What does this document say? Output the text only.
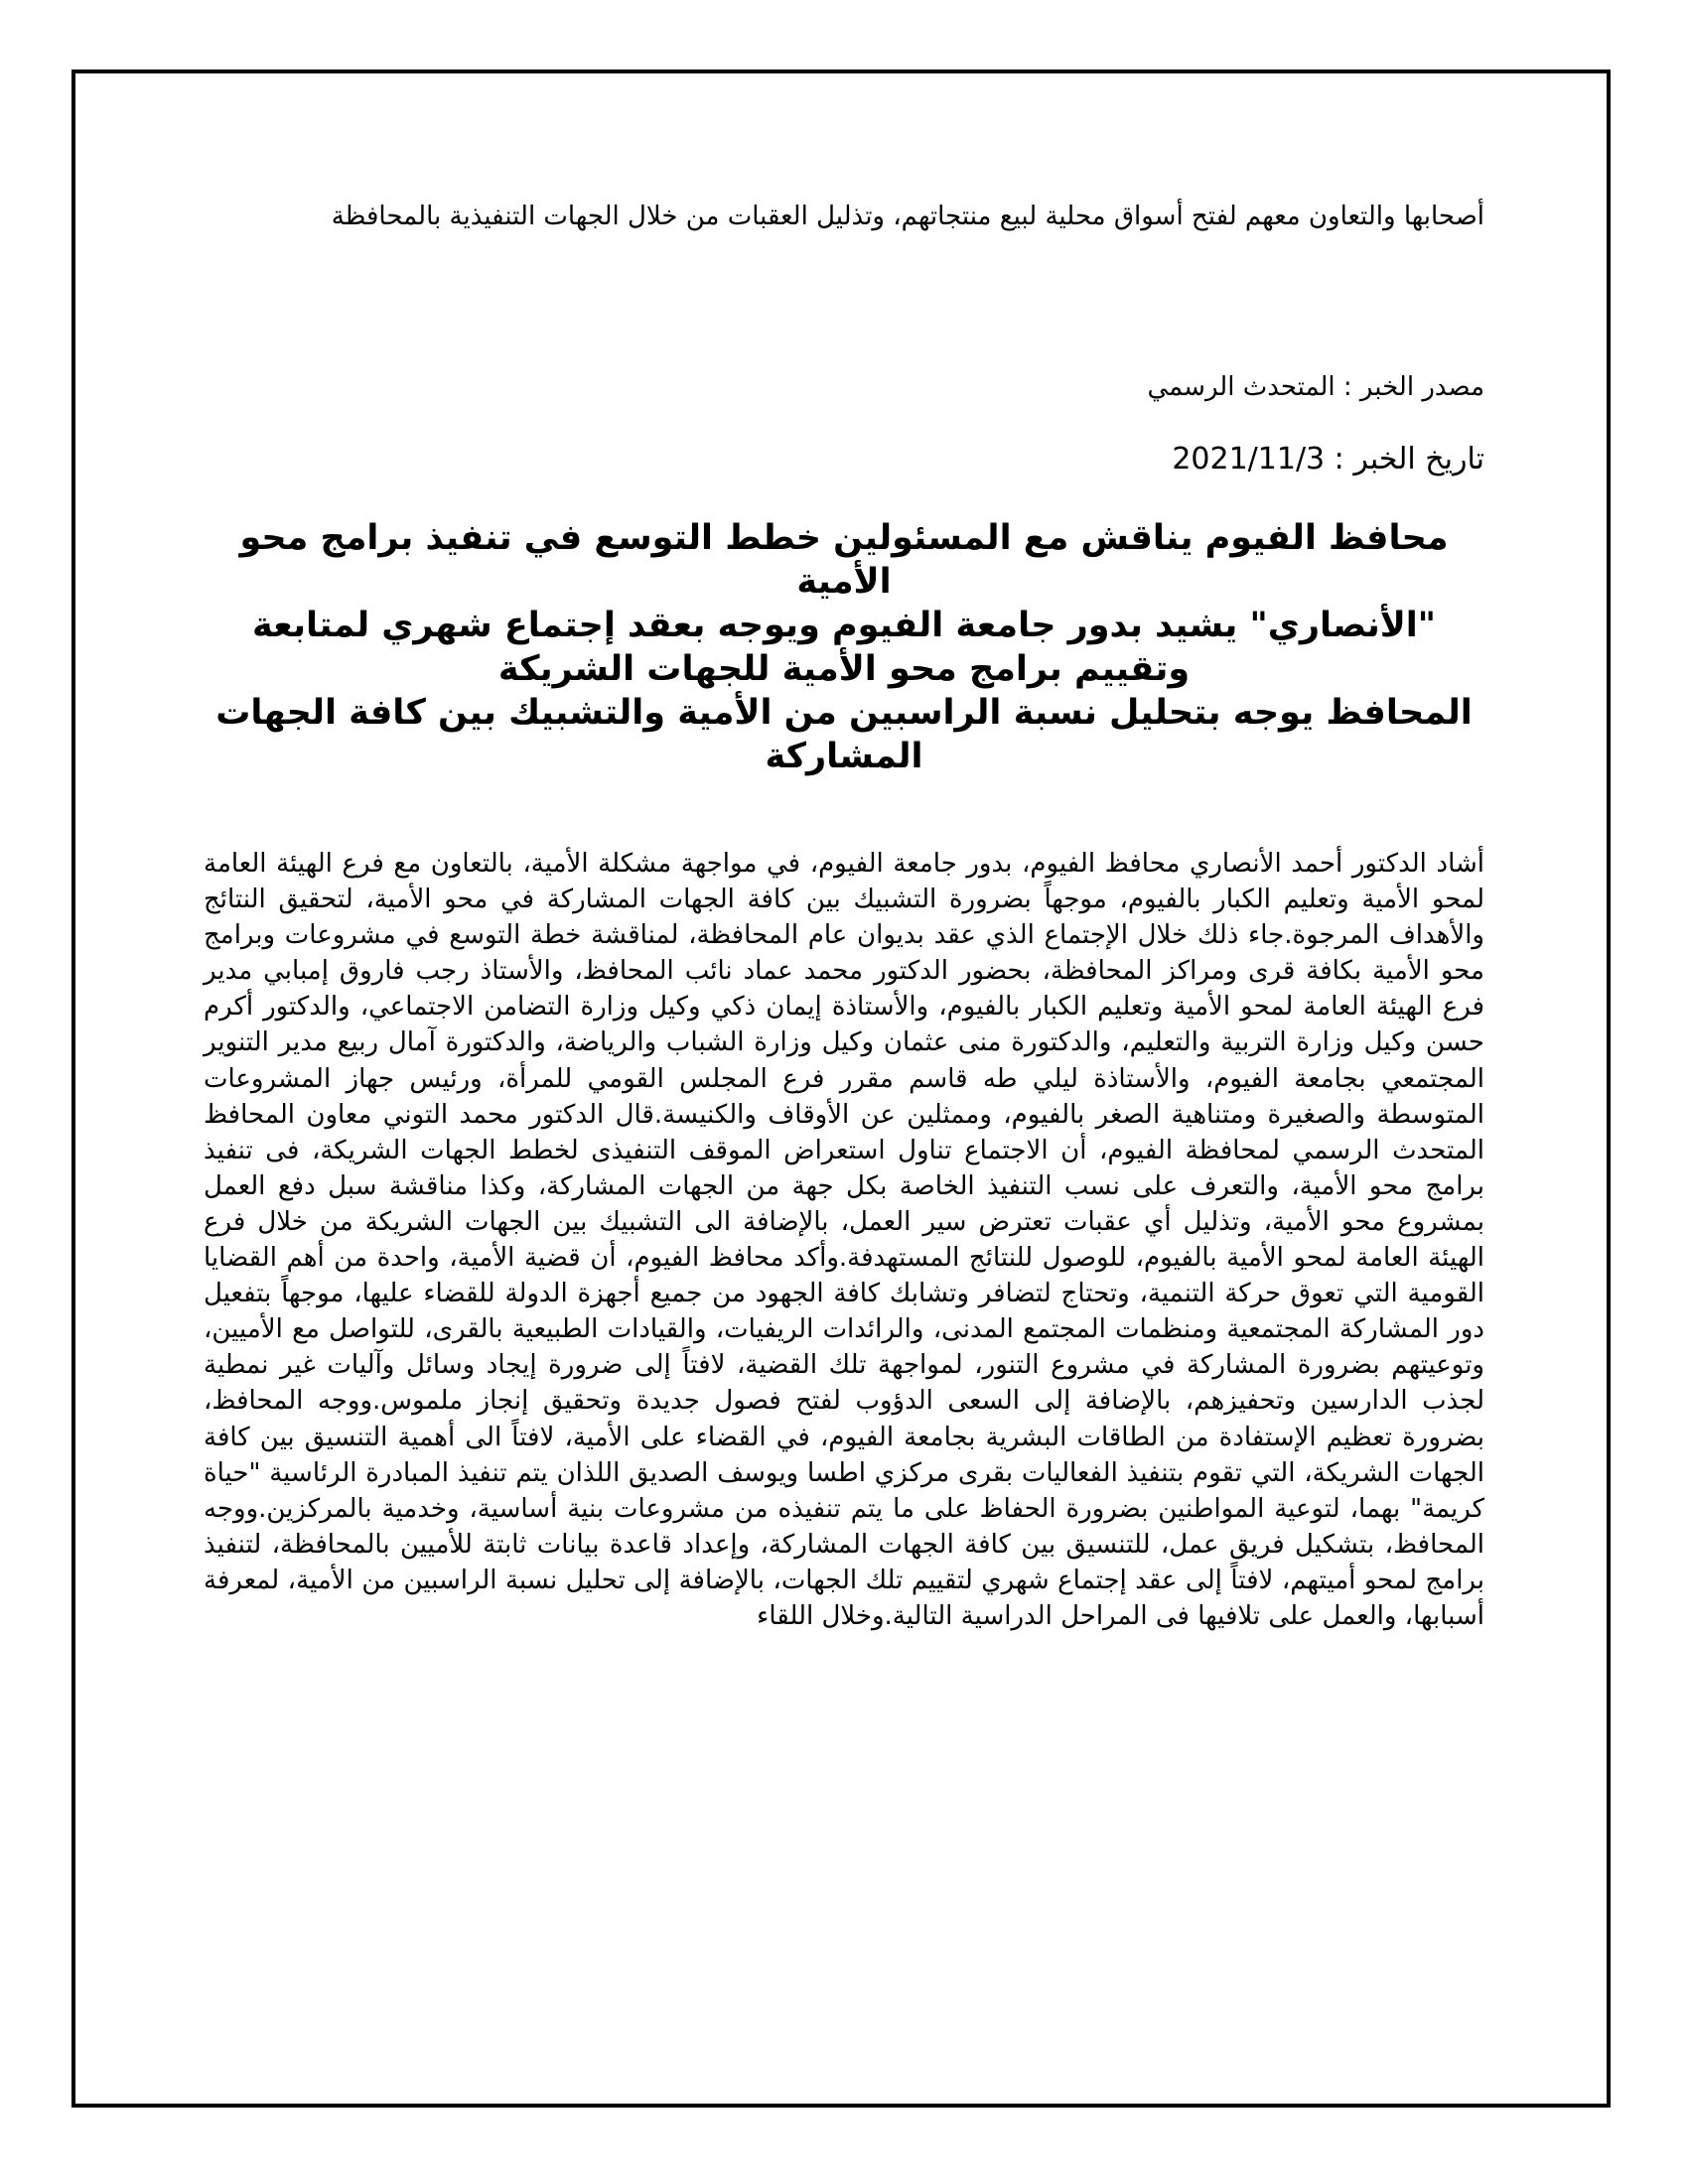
أصحابها والتعاون معهم لفتح أسواق محلية لبيع منتجاتهم، وتذليل العقبات من خلال الجهات التنفيذية بالمحافظة

مصدر الخبر : المتحدث الرسمي

تاريخ الخبر : 2021/11/3

محافظ الفيوم يناقش مع المسئولين خطط التوسع في تنفيذ برامج محو الأمية

"الأنصاري" يشيد بدور جامعة الفيوم ويوجه بعقد إجتماع شهري لمتابعة وتقييم برامج محو الأمية للجهات الشريكة

المحافظ يوجه بتحليل نسبة الراسبين من الأمية والتشبيك بين كافة الجهات المشاركة

أشاد الدكتور أحمد الأنصاري محافظ الفيوم، بدور جامعة الفيوم، في مواجهة مشكلة الأمية، بالتعاون مع فرع الهيئة العامة لمحو الأمية وتعليم الكبار بالفيوم، موجهاً بضرورة التشبيك بين كافة الجهات المشاركة في محو الأمية، لتحقيق النتائج والأهداف المرجوة.جاء ذلك خلال الإجتماع الذي عقد بديوان عام المحافظة، لمناقشة خطة التوسع في مشروعات وبرامج محو الأمية بكافة قرى ومراكز المحافظة، بحضور الدكتور محمد عماد نائب المحافظ، والأستاذ رجب فاروق إمبابي مدير فرع الهيئة العامة لمحو الأمية وتعليم الكبار بالفيوم، والأستاذة إيمان ذكي وكيل وزارة التضامن الاجتماعي، والدكتور أكرم حسن وكيل وزارة التربية والتعليم، والدكتورة منى عثمان وكيل وزارة الشباب والرياضة، والدكتورة آمال ربيع مدير التنوير المجتمعي بجامعة الفيوم، والأستاذة ليلي طه قاسم مقرر فرع المجلس القومي للمرأة، ورئيس جهاز المشروعات المتوسطة والصغيرة ومتناهية الصغر بالفيوم، وممثلين عن الأوقاف والكنيسة.قال الدكتور محمد التوني معاون المحافظ المتحدث الرسمي لمحافظة الفيوم، أن الاجتماع تناول استعراض الموقف التنفيذى لخطط الجهات الشريكة، فى تنفيذ برامج محو الأمية، والتعرف على نسب التنفيذ الخاصة بكل جهة من الجهات المشاركة، وكذا مناقشة سبل دفع العمل بمشروع محو الأمية، وتذليل أي عقبات تعترض سير العمل، بالإضافة الى التشبيك بين الجهات الشريكة من خلال فرع الهيئة العامة لمحو الأمية بالفيوم، للوصول للنتائج المستهدفة.وأكد محافظ الفيوم، أن قضية الأمية، واحدة من أهم القضايا القومية التي تعوق حركة التنمية، وتحتاج لتضافر وتشابك كافة الجهود من جميع أجهزة الدولة للقضاء عليها، موجهاً بتفعيل دور المشاركة المجتمعية ومنظمات المجتمع المدنى، والرائدات الريفيات، والقيادات الطبيعية بالقرى، للتواصل مع الأميين، وتوعيتهم بضرورة المشاركة في مشروع التنور، لمواجهة تلك القضية، لافتاً إلى ضرورة إيجاد وسائل وآليات غير نمطية لجذب الدارسين وتحفيزهم، بالإضافة إلى السعى الدؤوب لفتح فصول جديدة وتحقيق إنجاز ملموس.ووجه المحافظ، بضرورة تعظيم الإستفادة من الطاقات البشرية بجامعة الفيوم، في القضاء على الأمية، لافتاً الى أهمية التنسيق بين كافة الجهات الشريكة، التي تقوم بتنفيذ الفعاليات بقرى مركزي اطسا ويوسف الصديق اللذان يتم تنفيذ المبادرة الرئاسية "حياة كريمة" بهما، لتوعية المواطنين بضرورة الحفاظ على ما يتم تنفيذه من مشروعات بنية أساسية، وخدمية بالمركزين.ووجه المحافظ، بتشكيل فريق عمل، للتنسيق بين كافة الجهات المشاركة، وإعداد قاعدة بيانات ثابتة للأميين بالمحافظة، لتنفيذ برامج لمحو أميتهم، لافتاً إلى عقد إجتماع شهري لتقييم تلك الجهات، بالإضافة إلى تحليل نسبة الراسبين من الأمية، لمعرفة أسبابها، والعمل على تلافيها فى المراحل الدراسية التالية.وخلال اللقاء
